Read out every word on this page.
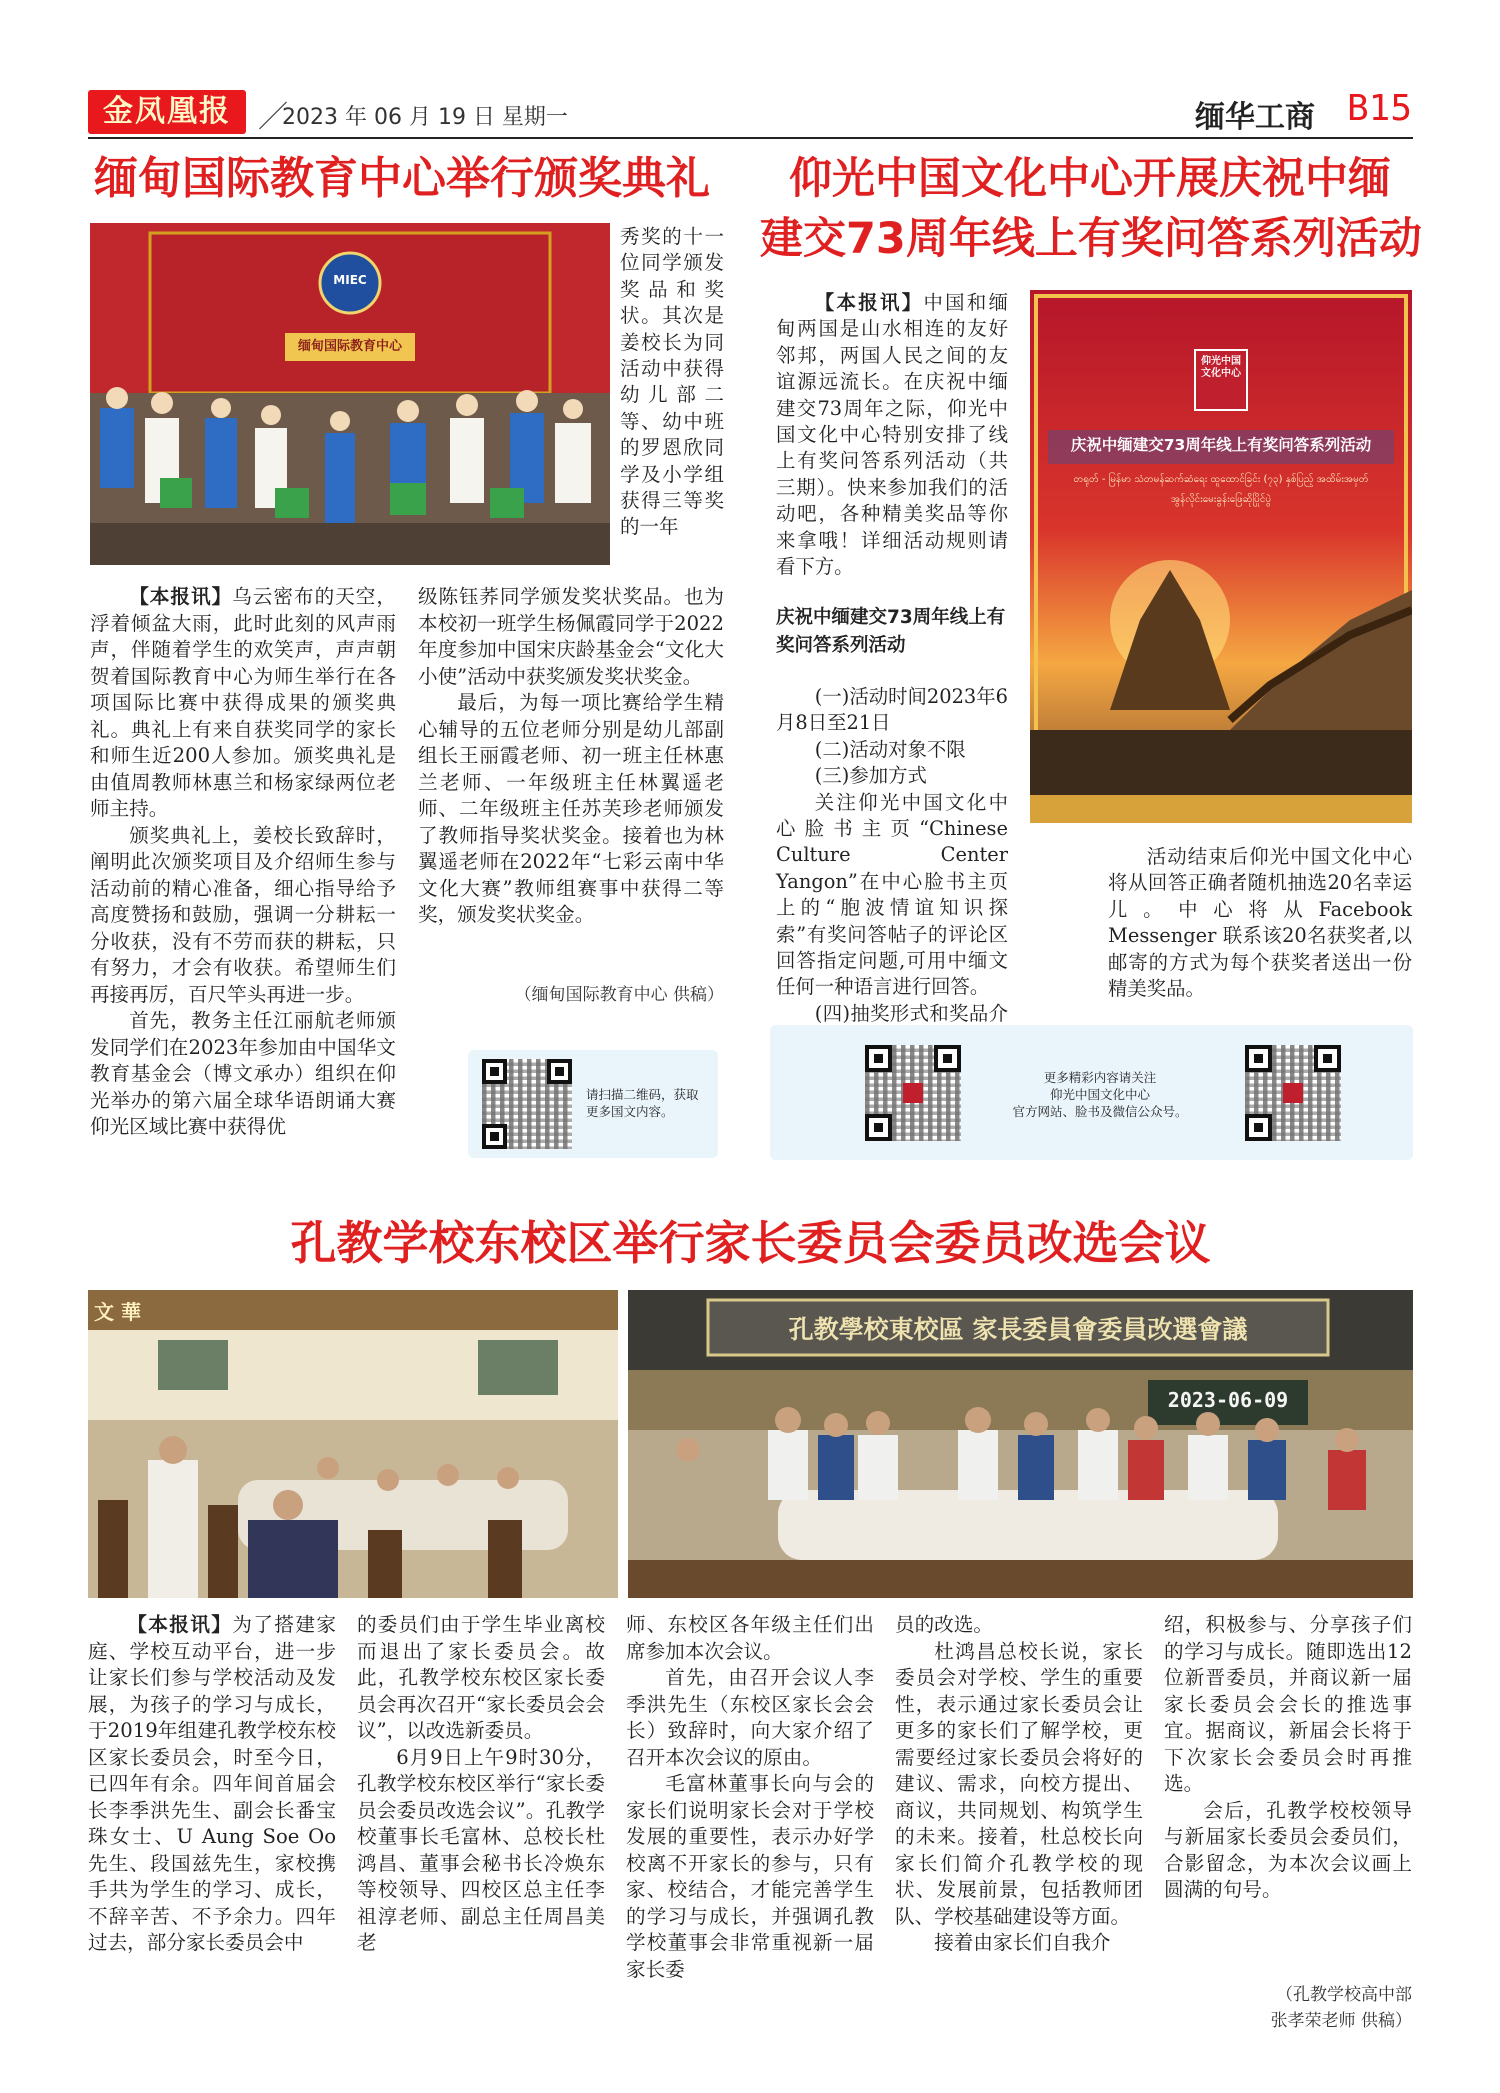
金凤凰报 ／
2023 年 06 月 19 日 星期一	缅华工商 B15
缅甸国际教育中心举行颁奖典礼
缅甸国际教育中心
MIEC

秀奖的十一位同学颁发奖品和奖状。其次是姜校长为同活动中获得幼儿部二等、幼中班的罗恩欣同学及小学组获得三等奖的一年

【本报讯】乌云密布的天空，浮着倾盆大雨，此时此刻的风声雨声，伴随着学生的欢笑声，声声朝贺着国际教育中心为师生举行在各项国际比赛中获得成果的颁奖典礼。典礼上有来自获奖同学的家长和师生近200人参加。颁奖典礼是由值周教师林惠兰和杨家绿两位老师主持。

颁奖典礼上，姜校长致辞时，阐明此次颁奖项目及介绍师生参与活动前的精心准备，细心指导给予高度赞扬和鼓励，强调一分耕耘一分收获，没有不劳而获的耕耘，只有努力，才会有收获。希望师生们再接再厉，百尺竿头再进一步。

首先，教务主任江丽航老师颁发同学们在2023年参加由中国华文教育基金会（博文承办）组织在仰光举办的第六届全球华语朗诵大赛仰光区域比赛中获得优

级陈钰荞同学颁发奖状奖品。也为本校初一班学生杨佩霞同学于2022年度参加中国宋庆龄基金会“文化大小使”活动中获奖颁发奖状奖金。

最后，为每一项比赛给学生精心辅导的五位老师分别是幼儿部副组长王丽霞老师、初一班主任林惠兰老师、一年级班主任林翼遥老师、二年级班主任苏芙珍老师颁发了教师指导奖状奖金。接着也为林翼遥老师在2022年“七彩云南中华文化大赛”教师组赛事中获得二等奖，颁发奖状奖金。

（缅甸国际教育中心 供稿）
请扫描二维码，获取更多国文内容。
仰光中国文化中心开展庆祝中缅
建交73周年线上有奖问答系列活动

【本报讯】中国和缅甸两国是山水相连的友好邻邦，两国人民之间的友谊源远流长。在庆祝中缅建交73周年之际，仰光中国文化中心特别安排了线上有奖问答系列活动（共三期）。快来参加我们的活动吧，各种精美奖品等你来拿哦！详细活动规则请看下方。

庆祝中缅建交73周年线上有奖问答系列活动

(一)活动时间2023年6月8日至21日

(二)活动对象不限

(三)参加方式

关注仰光中国文化中心脸书主页“Chinese Culture Center Yangon”在中心脸书主页上的“胞波情谊知识探索”有奖问答帖子的评论区回答指定问题,可用中缅文任何一种语言进行回答。

(四)抽奖形式和奖品介

仰光中国文化中心
庆祝中缅建交73周年线上有奖问答系列活动
တရုတ် - မြန်မာ သံတမန်ဆက်ဆံရေး ထူထောင်ခြင်း (၇၃) နှစ်ပြည့် အထိမ်းအမှတ်
အွန်လိုင်းမေးခွန်းဖြေဆိုပြိုင်ပွဲ

活动结束后仰光中国文化中心将从回答正确者随机抽选20名幸运儿。中心将从Facebook Messenger 联系该20名获奖者,以邮寄的方式为每个获奖者送出一份精美奖品。

更多精彩内容请关注
仰光中国文化中心
官方网站、脸书及微信公众号。
孔教学校东校区举行家长委员会委员改选会议
文 華
孔教學校東校區 家長委員會委員改選會議
2023-06-09

【本报讯】为了搭建家庭、学校互动平台，进一步让家长们参与学校活动及发展，为孩子的学习与成长，于2019年组建孔教学校东校区家长委员会，时至今日，已四年有余。四年间首届会长李季洪先生、副会长番宝珠女士、U Aung Soe Oo先生、段国兹先生，家校携手共为学生的学习、成长，不辞辛苦、不予余力。四年过去，部分家长委员会中

的委员们由于学生毕业离校而退出了家长委员会。故此，孔教学校东校区家长委员会再次召开“家长委员会会议”，以改选新委员。

6月9日上午9时30分，孔教学校东校区举行“家长委员会委员改选会议”。孔教学校董事长毛富林、总校长杜鸿昌、董事会秘书长冷焕东等校领导、四校区总主任李祖淳老师、副总主任周昌美老

师、东校区各年级主任们出席参加本次会议。

首先，由召开会议人李季洪先生（东校区家长会会长）致辞时，向大家介绍了召开本次会议的原由。

毛富林董事长向与会的家长们说明家长会对于学校发展的重要性，表示办好学校离不开家长的参与，只有家、校结合，才能完善学生的学习与成长，并强调孔教学校董事会非常重视新一届家长委

员的改选。

杜鸿昌总校长说，家长委员会对学校、学生的重要性，表示通过家长委员会让更多的家长们了解学校，更需要经过家长委员会将好的建议、需求，向校方提出、商议，共同规划、构筑学生的未来。接着，杜总校长向家长们简介孔教学校的现状、发展前景，包括教师团队、学校基础建设等方面。

接着由家长们自我介

绍，积极参与、分享孩子们的学习与成长。随即选出12位新晋委员，并商议新一届家长委员会会长的推选事宜。据商议，新届会长将于下次家长会委员会时再推选。

会后，孔教学校校领导与新届家长委员会委员们，合影留念，为本次会议画上圆满的句号。

（孔教学校高中部
张孝荣老师 供稿）
